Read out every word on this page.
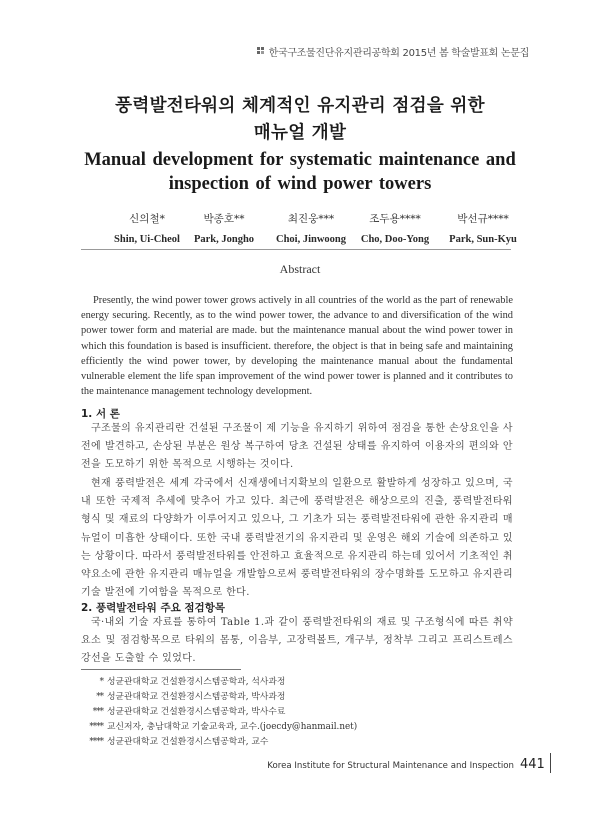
한국구조물진단유지관리공학회 2015년 봄 학술발표회 논문집
풍력발전타워의 체계적인 유지관리 점검을 위한
매뉴얼 개발
Manual development for systematic maintenance and
inspection of wind power towers
신의철*
Shin, Ui-Cheol
박종호**
Park, Jongho
최진웅***
Choi, Jinwoong
조두용****
Cho, Doo-Yong
박선규****
Park, Sun-Kyu
Abstract
Presently, the wind power tower grows actively in all countries of the world as the part of renewable energy securing. Recently, as to the wind power tower, the advance to and diversification of the wind power tower form and material are made. but the maintenance manual about the wind power tower in which this foundation is based is insufficient. therefore, the object is that in being safe and maintaining efficiently the wind power tower, by developing the maintenance manual about the fundamental vulnerable element the life span improvement of the wind power tower is planned and it contributes to the maintenance management technology development.
1. 서 론
구조물의 유지관리란 건설된 구조물이 제 기능을 유지하기 위하여 점검을 통한 손상요인을 사전에 발견하고, 손상된 부분은 원상 복구하여 당초 건설된 상태를 유지하여 이용자의 편의와 안전을 도모하기 위한 목적으로 시행하는 것이다.
현재 풍력발전은 세계 각국에서 신재생에너지확보의 일환으로 활발하게 성장하고 있으며, 국내 또한 국제적 추세에 맞추어 가고 있다. 최근에 풍력발전은 해상으로의 진출, 풍력발전타워 형식 및 재료의 다양화가 이루어지고 있으나, 그 기초가 되는 풍력발전타워에 관한 유지관리 매뉴얼이 미흡한 상태이다. 또한 국내 풍력발전기의 유지관리 및 운영은 해외 기술에 의존하고 있는 상황이다. 따라서 풍력발전타워를 안전하고 효율적으로 유지관리 하는데 있어서 기초적인 취약요소에 관한 유지관리 매뉴얼을 개발함으로써 풍력발전타워의 장수명화를 도모하고 유지관리기술 발전에 기여함을 목적으로 한다.
2. 풍력발전타워 주요 점검항목
국·내외 기술 자료를 통하여 Table 1.과 같이 풍력발전타워의 재료 및 구조형식에 따른 취약요소 및 점검항목으로 타워의 몸통, 이음부, 고장력볼트, 개구부, 정착부 그리고 프리스트레스 강선을 도출할 수 있었다.
* 성균관대학교 건설환경시스템공학과, 석사과정
** 성균관대학교 건설환경시스템공학과, 박사과정
*** 성균관대학교 건설환경시스템공학과, 박사수료
**** 교신저자, 충남대학교 기술교육과, 교수.(joecdy@hanmail.net)
**** 성균관대학교 건설환경시스템공학과, 교수
Korea Institute for Structural Maintenance and Inspection 441
